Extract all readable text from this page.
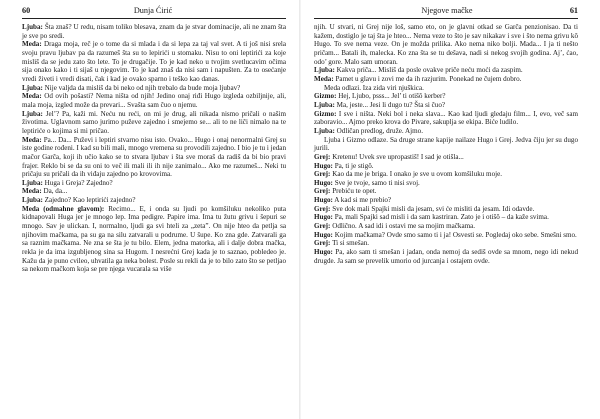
60	Dunja Ćirić

Ljuba: Šta znaš? U redu, nisam toliko blesava, znam da je stvar dominacije, ali ne znam šta je sve po sredi.

Meda: Draga moja, reč je o tome da si mlada i da si lepa za taj val svet. A ti još nisi srela svoju pravu ljubav pa da razumeš šta su to lepirići u stomaku. Nisu to oni leptirići za koje misliš da se jedu zato što lete. To je drugačije. To je kad neko u tvojim svetlucavim očima sija onako kako i ti sijaš u njegovim. To je kad znaš da nisi sam i napušten. Za to osećanje vredi živeti i vredi disati, čak i kad je ovako sparno i teško kao danas.

Ljuba: Nije valjda da misliš da bi neko od njih trebalo da bude moja ljubav?

Meda: Od ovih pošasti? Nema ništa od njih! Jedino onaj riđi Hugo izgleda ozbiljnije, ali, mala moja, izgled može da prevari... Svašta sam čuo o njemu.

Ljuba: Jel’? Pa, kaži mi. Neću nu reći, on mi je drug, ali nikada nismo pričali o našim životima. Uglavnom samo jurimo puževe zajedno i smejemo se... ali to ne liči nimalo na te leptiriće o kojima si mi pričao.

Meda: Pa... Da... Puževi i leptiri stvarno nisu isto. Ovako... Hugo i onaj nenormalni Grej su iste godine rođeni. I kad su bili mali, mnogo vremena su provodili zajedno. I bio je tu i jedan mačor Garča, koji ih učio kako se to stvara ljubav i šta sve moraš da radiš da bi bio pravi frajer. Reklo bi se da su oni to več ili mali ili ih nije zanimalo... Ako me razumeš... Neki tu pričaju su pričali da ih viđaju zajedno po krovovima.

Ljuba: Huga i Greja? Zajedno?

Meda: Da, da...

Ljuba: Zajedno? Kao leptirići zajedno?

Meda (odmahne glavom): Recimo... E, i onda su ljudi po komšiluku nekoliko puta kidnapovali Huga jer je mnogo lep. Ima pedigre. Papire ima. Ima tu žutu grivu i šepuri se mnogo. Sav je ulickan. I, normalno, ljudi ga svi hteli za „zeta”. On nije hteo da petlja sa njihovim mačkama, pa su ga na silu zatvarali u podrume. U šupe. Ko zna gde. Zatvarali ga sa raznim mačkama. Ne zna se šta je tu bilo. Elem, jedna matorka, ali i dalje dobra mačka, rekla je da ima izgubljenog sina sa Hugom. I nesrećni Grej kada je to saznao, pobledeo je. Kažu da je puno cvileo, uhvatila ga neka bolest. Posle su rekli da je to bilo zato što se petljao sa nekom mačkom koja se pre njega vucarala sa više

Njegove mačke	61

njih. U stvari, ni Grej nije loš, samo eto, on je glavni otkad se Garča penzionisao. Da ti kažem, dostiglo je taj šta je hteo... Nema veze to što je sav nikakav i sve i što nema grivu kô Hugo. To sve nema veze. On je možda prilika. Ako nema niko bolji. Mada... I ja ti nešto pričam... Batali ih, malecka. Ko zna šta se tu dešava, nadi si nekog svojih godina. Aj’, ćao, odo’ gore. Malo sam umoran.

Ljuba: Kakva priča... Misliš da posle ovakve priče neću moći da zaspim.

Meda: Pamet u glavu i zovi me da ih razjurim. Ponekad ne čujem dobro.

Meda odlazi. Iza zida viri njuškica.

Gizmo: Hej, Ljubo, psss... Jel’ ti otišô kerber?

Ljuba: Ma, jeste... Jesi li dugo tu? Šta si čuo?

Gizmo: I sve i ništa. Neki bol i neka slava... Kao kad ljudi gledaju film... I, evo, več sam zaboravio... Ajmo preko krova do Pivare, sakuplja se ekipa. Biće ludilo.

Ljuba: Odličan predlog, druže. Ajmo.

Ljuba i Gizmo odlaze. Sa druge strane kapije nailaze Hugo i Grej. Jedva čiju jer su dugo jurili.

Grej: Kretenu! Uvek sve upropastiš! I sad je otišla...

Hugo: Pa, ti je stigô.

Grej: Kao da me je briga. I onako je sve u ovom komšiluku moje.

Hugo: Sve je tvoje, samo ti nisi svoj.

Grej: Prebiću te opet.

Hugo: A kad si me prebio?

Grej: Sve dok mali Spajki misli da jesam, svi će misliti da jesam. Idi odavde.

Hugo: Pa, mali Spajki sad misli i da sam kastriran. Zato je i otišô – da kaže svima.

Grej: Odlično. A sad idi i ostavi me sa mojim mačkama.

Hugo: Kojim mačkama? Ovde smo samo ti i ja! Osvesti se. Pogledaj oko sebe. Smešni smo.

Grej: Ti si smešan.

Hugo: Pa, ako sam ti smešan i jadan, onda nemoj da sediš ovde sa mnom, nego idi nekud drugde. Ja sam se prevelik umorio od jurcanja i ostajem ovde.
